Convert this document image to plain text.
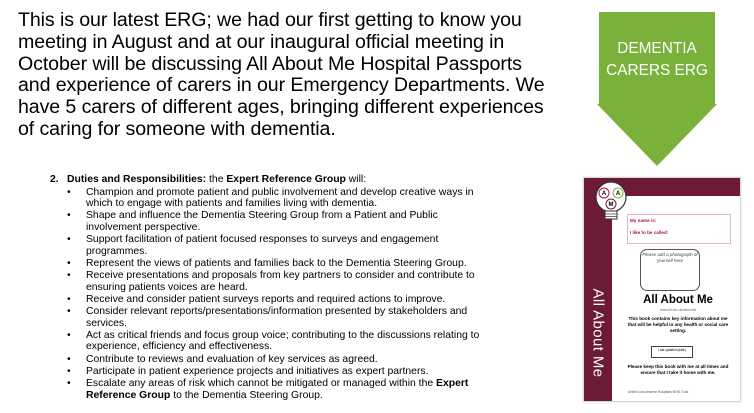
This is our latest ERG; we had our first getting to know you meeting in August and at our inaugural official meeting in October will be discussing All About Me Hospital Passports and experience of carers in our Emergency Departments. We have 5 carers of different ages, bringing different experiences of caring for someone with dementia.
2. Duties and Responsibilities: the Expert Reference Group will:
• Champion and promote patient and public involvement and develop creative ways in which to engage with patients and families living with dementia.
• Shape and influence the Dementia Steering Group from a Patient and Public involvement perspective.
• Support facilitation of patient focused responses to surveys and engagement programmes.
• Represent the views of patients and families back to the Dementia Steering Group.
• Receive presentations and proposals from key partners to consider and contribute to ensuring patients voices are heard.
• Receive and consider patient surveys reports and required actions to improve.
• Consider relevant reports/presentations/information presented by stakeholders and services.
• Act as critical friends and focus group voice; contributing to the discussions relating to experience, efficiency and effectiveness.
• Contribute to reviews and evaluation of key services as agreed.
• Participate in patient experience projects and initiatives as expert partners.
• Escalate any areas of risk which cannot be mitigated or managed within the Expert Reference Group to the Dementia Steering Group.
DEMENTIA
CARERS ERG
All About Me
A A
M
My name is:
I like to be called:
Please add a photograph of yourself here
All About Me
www.ulh.nhs.uk/dementia
This book contains key information about me that will be helpful in any health or social care setting.
Last updated (date)
Please keep this book with me at all times and ensure that I take it home with me.
United Lincolnshire Hospitals NHS Trust
